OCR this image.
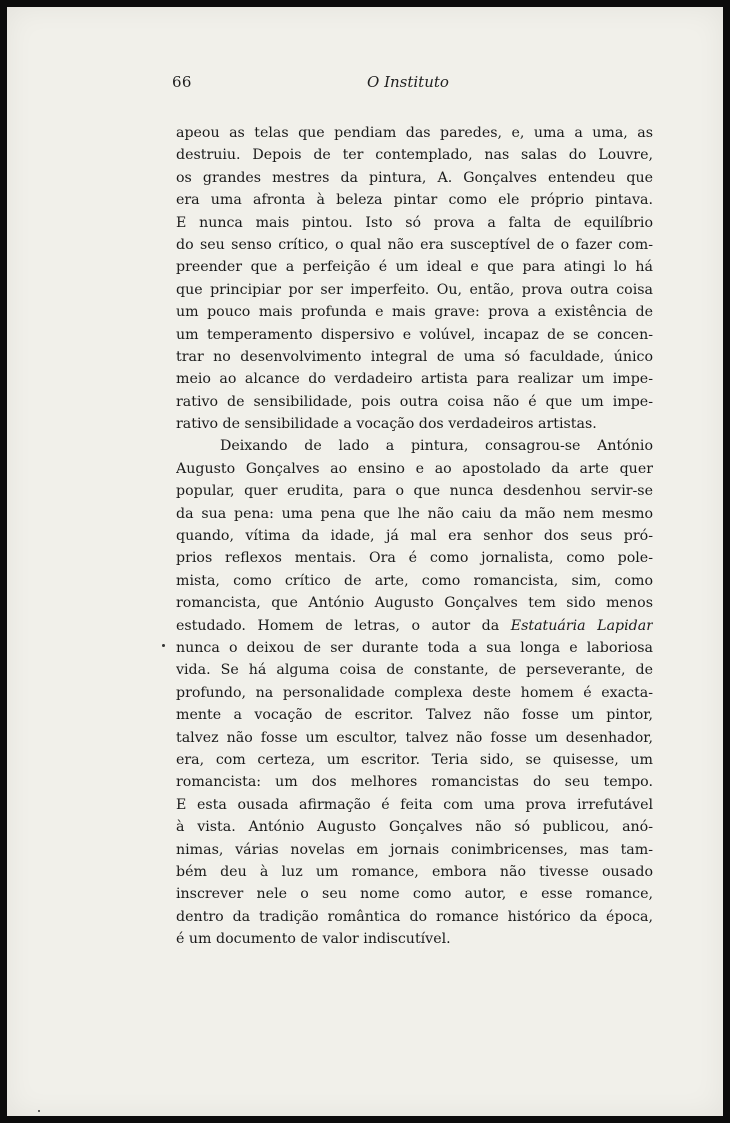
66	O Instituto
apeou as telas que pendiam das paredes, e, uma a uma, as
destruiu. Depois de ter contemplado, nas salas do Louvre,
os grandes mestres da pintura, A. Gonçalves entendeu que
era uma afronta à beleza pintar como ele próprio pintava.
E nunca mais pintou. Isto só prova a falta de equilíbrio
do seu senso crítico, o qual não era susceptível de o fazer com-
preender que a perfeição é um ideal e que para atingi lo há
que principiar por ser imperfeito. Ou, então, prova outra coisa
um pouco mais profunda e mais grave: prova a existência de
um temperamento dispersivo e volúvel, incapaz de se concen-
trar no desenvolvimento integral de uma só faculdade, único
meio ao alcance do verdadeiro artista para realizar um impe-
rativo de sensibilidade, pois outra coisa não é que um impe-
rativo de sensibilidade a vocação dos verdadeiros artistas.
Deixando de lado a pintura, consagrou-se António
Augusto Gonçalves ao ensino e ao apostolado da arte quer
popular, quer erudita, para o que nunca desdenhou servir-se
da sua pena: uma pena que lhe não caiu da mão nem mesmo
quando, vítima da idade, já mal era senhor dos seus pró-
prios reflexos mentais. Ora é como jornalista, como pole-
mista, como crítico de arte, como romancista, sim, como
romancista, que António Augusto Gonçalves tem sido menos
estudado. Homem de letras, o autor da Estatuária Lapidar
nunca o deixou de ser durante toda a sua longa e laboriosa
vida. Se há alguma coisa de constante, de perseverante, de
profundo, na personalidade complexa deste homem é exacta-
mente a vocação de escritor. Talvez não fosse um pintor,
talvez não fosse um escultor, talvez não fosse um desenhador,
era, com certeza, um escritor. Teria sido, se quisesse, um
romancista: um dos melhores romancistas do seu tempo.
E esta ousada afirmação é feita com uma prova irrefutável
à vista. António Augusto Gonçalves não só publicou, anó-
nimas, várias novelas em jornais conimbricenses, mas tam-
bém deu à luz um romance, embora não tivesse ousado
inscrever nele o seu nome como autor, e esse romance,
dentro da tradição romântica do romance histórico da época,
é um documento de valor indiscutível.
